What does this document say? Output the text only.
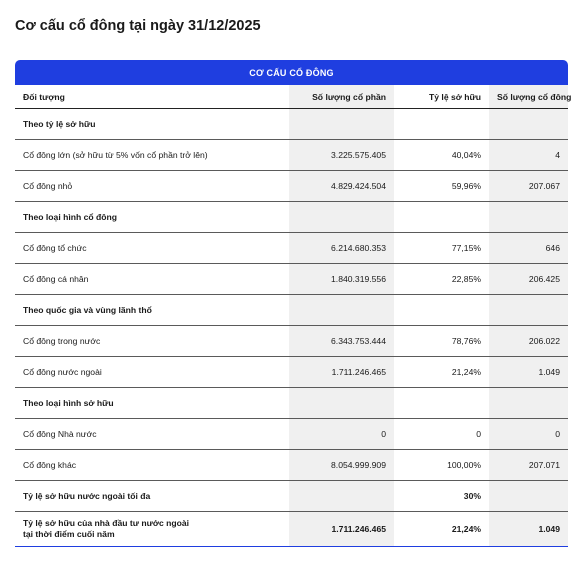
Cơ cấu cổ đông tại ngày 31/12/2025
CƠ CẤU CỔ ĐÔNG
Đối tượng	Số lượng cổ phần	Tỷ lệ sở hữu	Số lượng cổ đông
Theo tỷ lệ sở hữu			
Cổ đông lớn (sở hữu từ 5% vốn cổ phần trở lên)	3.225.575.405	40,04%	4
Cổ đông nhỏ	4.829.424.504	59,96%	207.067
Theo loại hình cổ đông			
Cổ đông tổ chức	6.214.680.353	77,15%	646
Cổ đông cá nhân	1.840.319.556	22,85%	206.425
Theo quốc gia và vùng lãnh thổ			
Cổ đông trong nước	6.343.753.444	78,76%	206.022
Cổ đông nước ngoài	1.711.246.465	21,24%	1.049
Theo loại hình sở hữu			
Cổ đông Nhà nước	0	0	0
Cổ đông khác	8.054.999.909	100,00%	207.071
Tỷ lệ sở hữu nước ngoài tối đa		30%	
Tỷ lệ sở hữu của nhà đầu tư nước ngoài
tại thời điểm cuối năm	1.711.246.465	21,24%	1.049
